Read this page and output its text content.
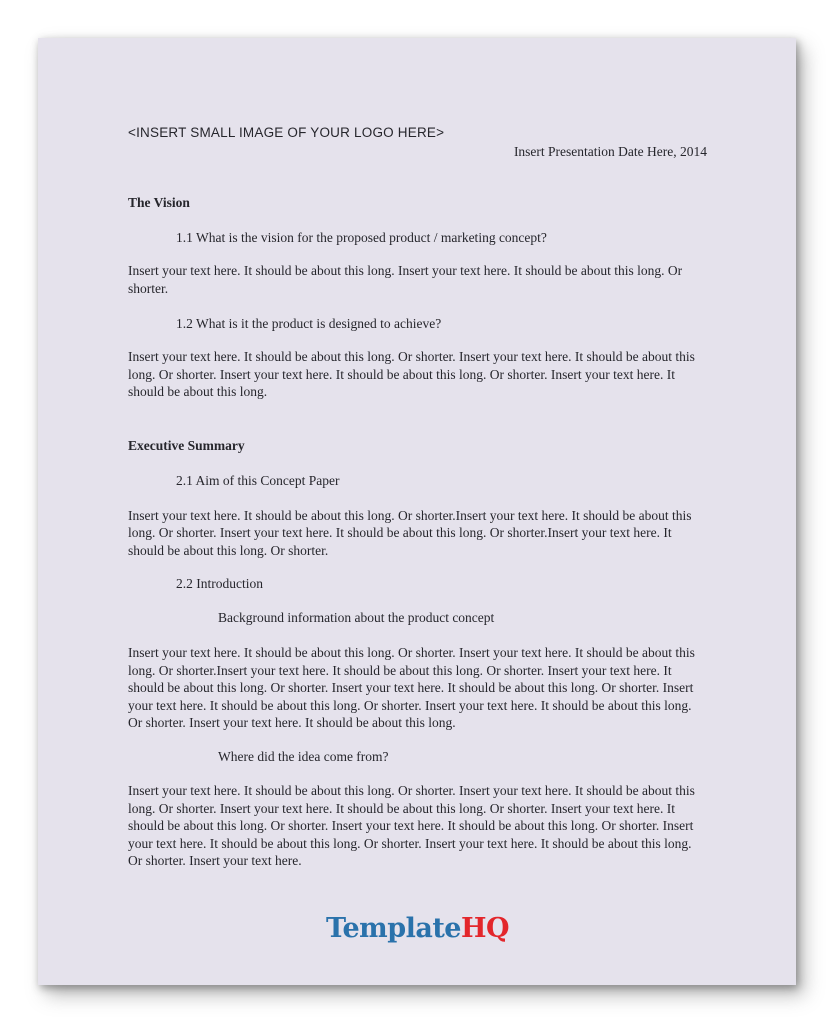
<INSERT SMALL IMAGE OF YOUR LOGO HERE>
Insert Presentation Date Here, 2014
The Vision
1.1 What is the vision for the proposed product / marketing concept?
Insert your text here. It should be about this long. Insert your text here. It should be about this long. Or shorter.
1.2 What is it the product is designed to achieve?
Insert your text here. It should be about this long. Or shorter. Insert your text here. It should be about this long. Or shorter. Insert your text here. It should be about this long. Or shorter. Insert your text here. It should be about this long.
Executive Summary
2.1 Aim of this Concept Paper
Insert your text here. It should be about this long. Or shorter.Insert your text here. It should be about this long. Or shorter. Insert your text here. It should be about this long. Or shorter.Insert your text here. It should be about this long. Or shorter.
2.2 Introduction
Background information about the product concept
Insert your text here. It should be about this long. Or shorter. Insert your text here. It should be about this long. Or shorter.Insert your text here. It should be about this long. Or shorter. Insert your text here. It should be about this long. Or shorter. Insert your text here. It should be about this long. Or shorter. Insert your text here. It should be about this long. Or shorter. Insert your text here. It should be about this long. Or shorter. Insert your text here. It should be about this long.
Where did the idea come from?
Insert your text here. It should be about this long. Or shorter. Insert your text here. It should be about this long. Or shorter. Insert your text here. It should be about this long. Or shorter. Insert your text here. It should be about this long. Or shorter. Insert your text here. It should be about this long. Or shorter. Insert your text here. It should be about this long. Or shorter. Insert your text here. It should be about this long. Or shorter. Insert your text here.
TemplateHQ
